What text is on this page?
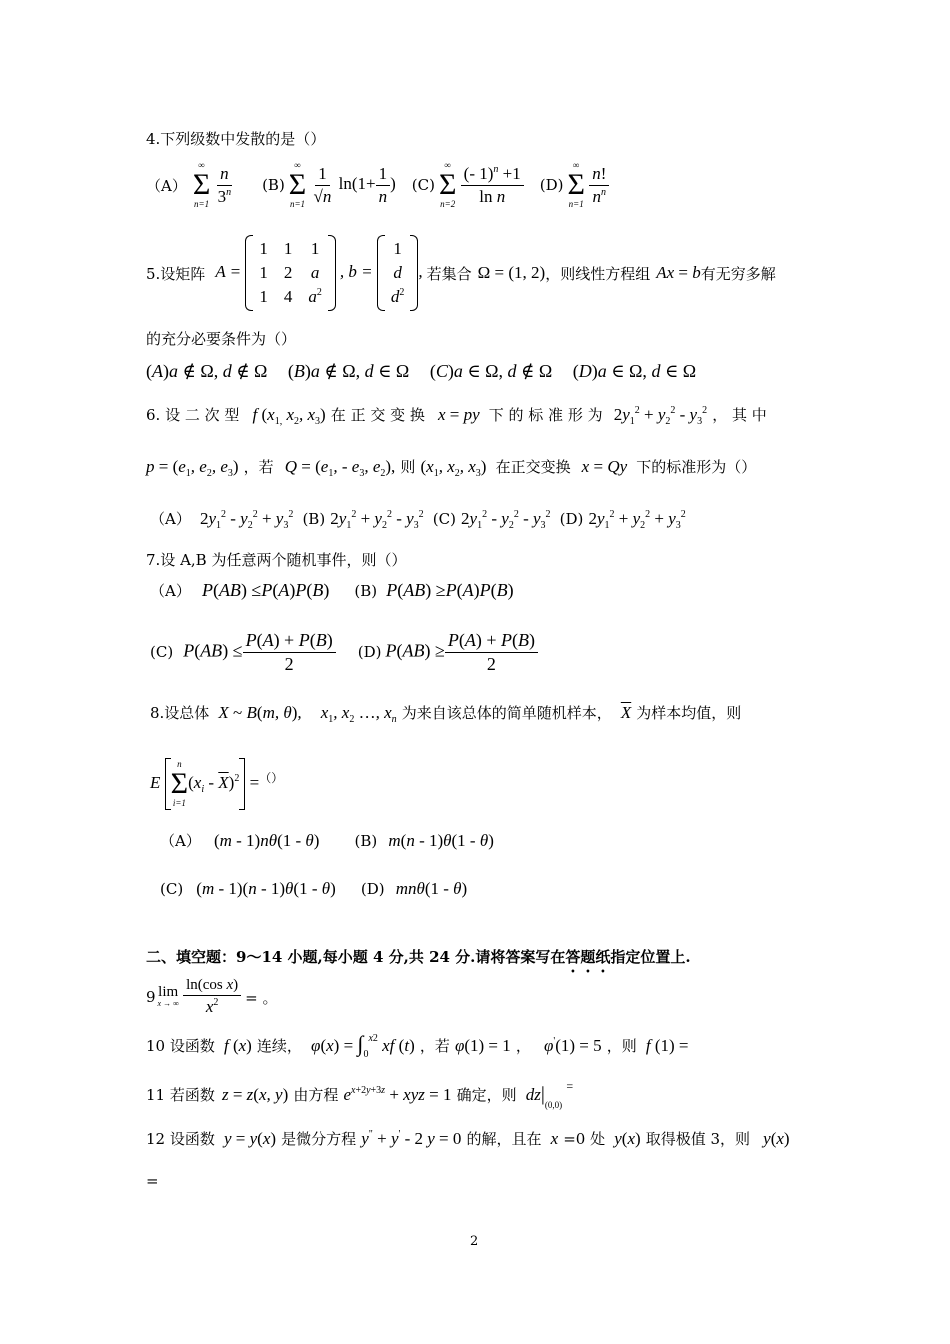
4.下列级数中发散的是（）
（A）
∞
Σ
n=1
$\frac{n}{3^n} (B)$
∞
Σ
n=1
$\frac{1}{√n} \ln(1+ \frac{1}{n}$ ) (C)
∞
Σ
n=2
$\frac{(- 1)^n +1}{\text{ln n}} (D)$
∞
Σ
n=1
$\frac{n!}{n^n}$
5.设矩阵 A =
1 1 1
1 2 a
1 4 $a^2$
, b =
1
d
$d^2$
, 若集合 Ω = (1, 2) ，则线性方程组 Ax = b 有无穷多解
的充分必要条件为（）
(A)a ∉ Ω, d ∉ Ω (B)a ∉ Ω, d ∈ Ω (C)a ∈ Ω, d ∉ Ω (D)a ∈ Ω, d ∈ Ω
6. 设 二 次 型 f ($x_{1,}$ $x_2$, $x_3$) 在 正 交 变 换 x = py 下 的 标 准 形 为 $2y_1^2 + y_2^2 - y_3^2$ ， 其 中
$p = (e_1$, $e_2$, $e_3$) ，若 $Q = (e_1$, - $e_3$, $e_2$), 则 ($x_1$, $x_2$, $x_3$) 在正交变换 x = Qy 下的标准形为（）
（A） $2y_1^2 - y_2^2 + y_3^2$ (B) $2y_1^2 + y_2^2 - y_3^2$ (C) $2y_1^2 - y_2^2 - y_3^2$ (D) $2y_1^2 + y_2^2 + y_3^2$
7.设 A,B 为任意两个随机事件，则（）
（A） P(AB) ≤P(A)P(B) (B) P(AB) ≥P(A)P(B)
(C) $P(AB) \le \frac{P(A) + P(B)}{2} (D) P(AB) \ge \frac{P(A) + P(B)}{2}$
8.设总体 X ~ B(m, θ), $x_1$, $x_2$ …, $x_n$ 为来自该总体的简单随机样本， $\overline{X}$ 为样本均值，则
E
n
Σ
i=1
$(x_i - \overline{X})^2$ = （）
（A） (m - 1)nθ(1 - θ) (B) m(n - 1)θ(1 - θ)
(C) (m - 1)(n - 1)θ(1 - θ) (D) mnθ(1 - θ)
二、填空题：9～14 小题,每小题 4 分,共 24 分.请将答案写在答题纸指定位置上.
9 lim
x → ∞
$\frac{\text{ln(cos x)}}{x^2}$ = 。
10 设函数 f (x) 连续， $\varphi(x) = \int_0^{x2}$ xf (t) ，若 φ(1) = 1 ， φ'(1) = 5 ，则 f (1) =
11 若函数 z = z(x, y) 由方程 $e^{x+2y+3z}$ + xyz = 1 确定，则 $dz|_{(0,0)}$ =
12 设函数 y = y(x) 是微分方程 y" + y' - 2 y = 0 的解，且在 x =0 处 y(x) 取得极值 3，则 y(x)
=
2
